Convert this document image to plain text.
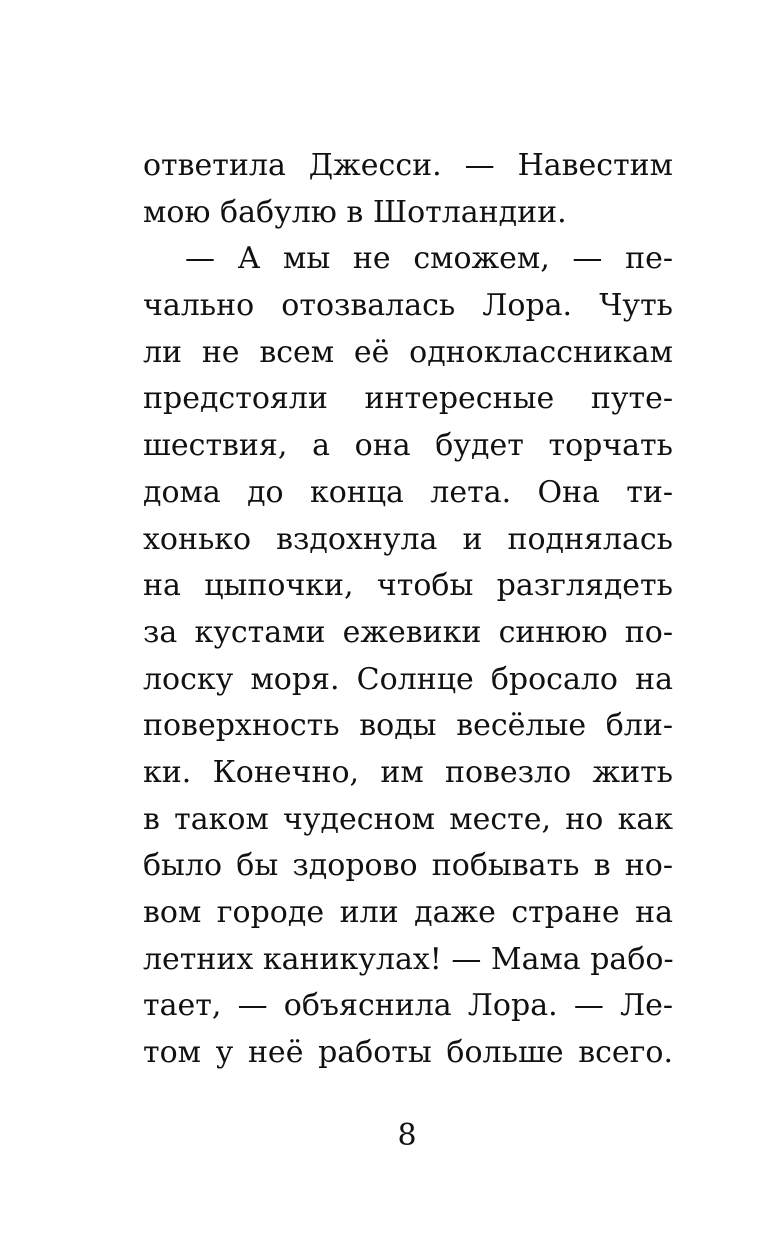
ответила Джесси. — Навестим
мою бабулю в Шотландии.
— А мы не сможем, — пе-
чально отозвалась Лора. Чуть
ли не всем её одноклассникам
предстояли интересные путе-
шествия, а она будет торчать
дома до конца лета. Она ти-
хонько вздохнула и поднялась
на цыпочки, чтобы разглядеть
за кустами ежевики синюю по-
лоску моря. Солнце бросало на
поверхность воды весёлые бли-
ки. Конечно, им повезло жить
в таком чудесном месте, но как
было бы здорово побывать в но-
вом городе или даже стране на
летних каникулах! — Мама рабо-
тает, — объяснила Лора. — Ле-
том у неё работы больше всего.
8
